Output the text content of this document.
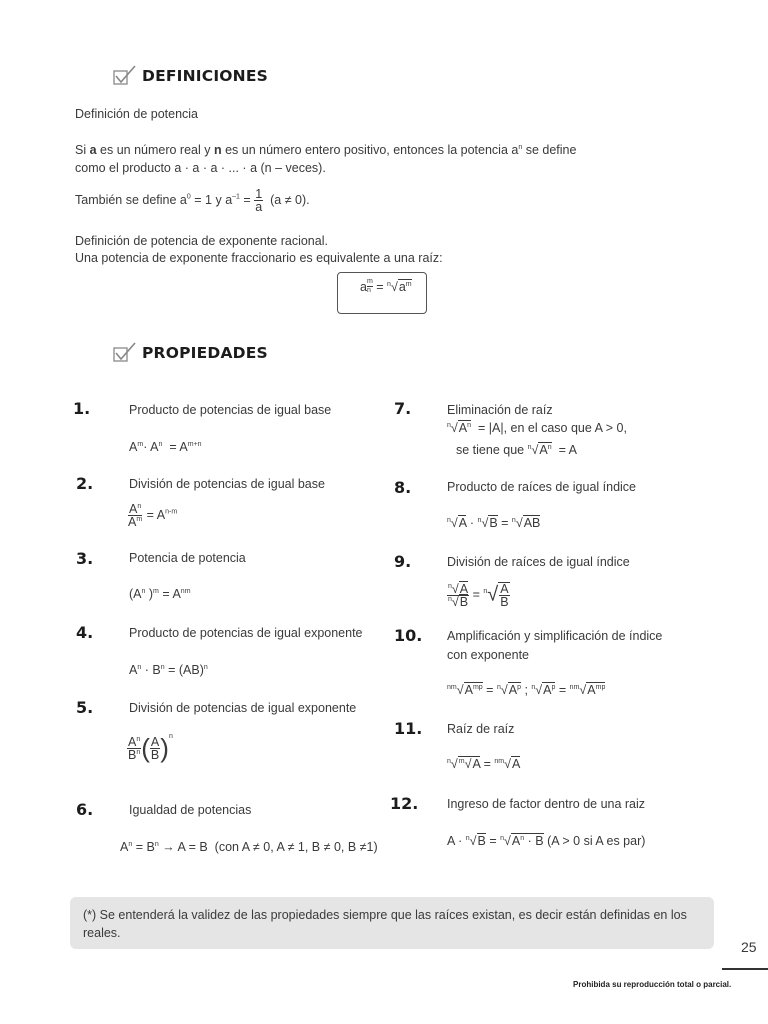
DEFINICIONES
Definición de potencia
Si a es un número real y n es un número entero positivo, entonces la potencia $a^n$ se define
como el producto a · a · a · ... · a (n – veces).
También se define $a^0 = 1$ y $a^{-1} = \frac{1}{a} (a \ne 0)$.
Definición de potencia de exponente racional.
Una potencia de exponente fraccionario es equivalente a una raíz:
a $\frac{m}{n} = ^n√a^m$
PROPIEDADES
1.	Producto de potencias de igual base
$A^m\cdot A^n = A^{m+n}$
2.	División de potencias de igual base
$\frac{A^n}{A^m} = A^{n-m}$
3.	Potencia de potencia
($A^n$ )$^m = A^{nm}$
4.	Producto de potencias de igual exponente
$A^n \cdot B^n = (AB)^n$
5.	División de potencias de igual exponente
$\frac{A^n}{B^n}$ ( $\frac{A}{B} )^n$
6.	Igualdad de potencias
$A^n = B^n \to A = B$  (con A ≠ 0, A ≠ 1, B ≠ 0, B ≠1)
7.	Eliminación de raíz
$^n√A^n = |A|$, en el caso que A > 0,
se tiene que $^n√A^n = A$
8.	Producto de raíces de igual índice
$^n$√A · $^n$√B = $^n$√AB
9.	División de raíces de igual índice
$\frac{^n√A}{^n√B} = ^n√ \frac{A}{B}$
10. Amplificación y simplificación de índice
con exponente
$^{nm}√A^{mp} = ^n√A^p$ ; $^n√A^p = ^{nm}√A^{mp}$
11. Raíz de raíz
$^n$√$^m$√A = $^{nm}$√A
12. Ingreso de factor dentro de una raiz
$A \cdot ^n√B = ^n√A^n \cdot B$ (A > 0 si A es par)
(*) Se entenderá la validez de las propiedades siempre que las raíces existan, es decir están definidas en los reales.
25
Prohibida su reproducción total o parcial.
